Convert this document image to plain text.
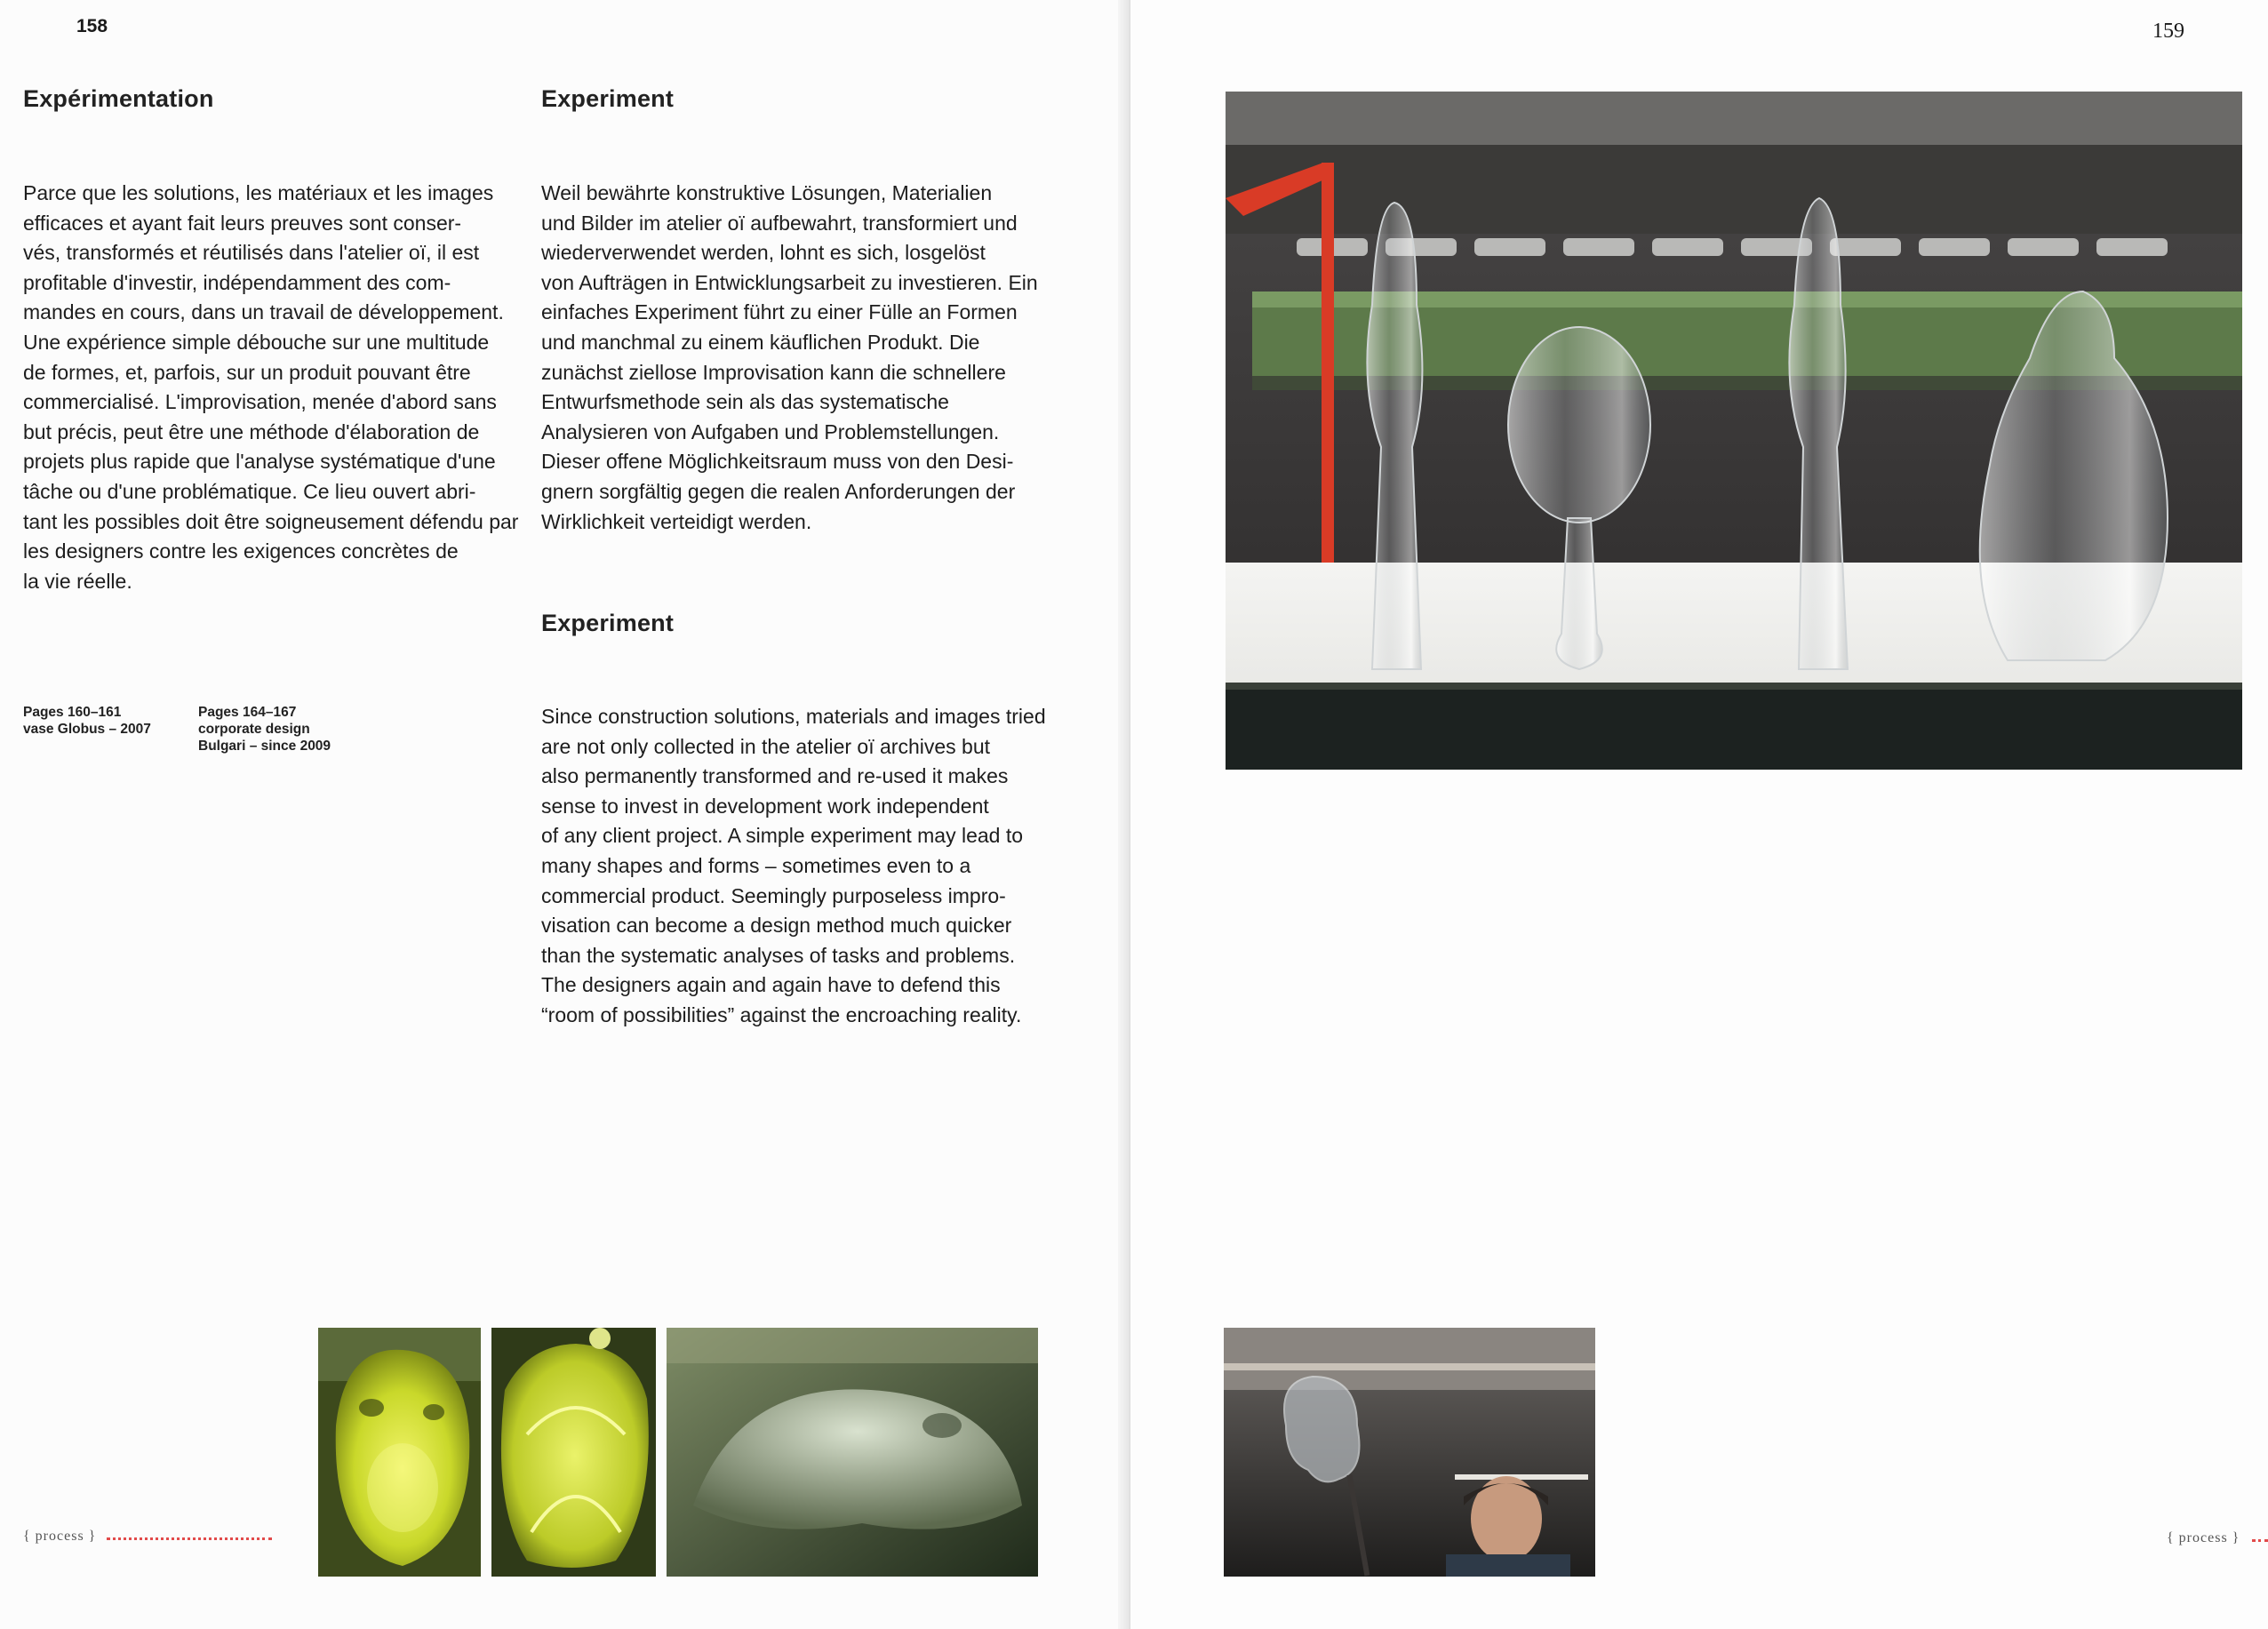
158
Expérimentation	Experiment
Parce que les solutions, les matériaux et les images
efficaces et ayant fait leurs preuves sont conser-
vés, transformés et réutilisés dans l'atelier oï, il est
profitable d'investir, indépendamment des com-
mandes en cours, dans un travail de développement.
Une expérience simple débouche sur une multitude
de formes, et, parfois, sur un produit pouvant être
commercialisé. L'improvisation, menée d'abord sans
but précis, peut être une méthode d'élaboration de
projets plus rapide que l'analyse systématique d'une
tâche ou d'une problématique. Ce lieu ouvert abri-
tant les possibles doit être soigneusement défendu par
les designers contre les exigences concrètes de
la vie réelle.
Weil bewährte konstruktive Lösungen, Materialien
und Bilder im atelier oï aufbewahrt, transformiert und
wiederverwendet werden, lohnt es sich, losgelöst
von Aufträgen in Entwicklungsarbeit zu investieren. Ein
einfaches Experiment führt zu einer Fülle an Formen
und manchmal zu einem käuflichen Produkt. Die
zunächst ziellose Improvisation kann die schnellere
Entwurfsmethode sein als das systematische
Analysieren von Aufgaben und Problemstellungen.
Dieser offene Möglichkeitsraum muss von den Desi-
gnern sorgfältig gegen die realen Anforderungen der
Wirklichkeit verteidigt werden.
Experiment
Since construction solutions, materials and images tried
are not only collected in the atelier oï archives but
also permanently transformed and re-used it makes
sense to invest in development work independent
of any client project. A simple experiment may lead to
many shapes and forms – sometimes even to a
commercial product. Seemingly purposeless impro-
visation can become a design method much quicker
than the systematic analyses of tasks and problems.
The designers again and again have to defend this
“room of possibilities” against the encroaching reality.
Pages 160–161
vase Globus – 2007
Pages 164–167
corporate design
Bulgari – since 2009
{ process }
159
{ process }
